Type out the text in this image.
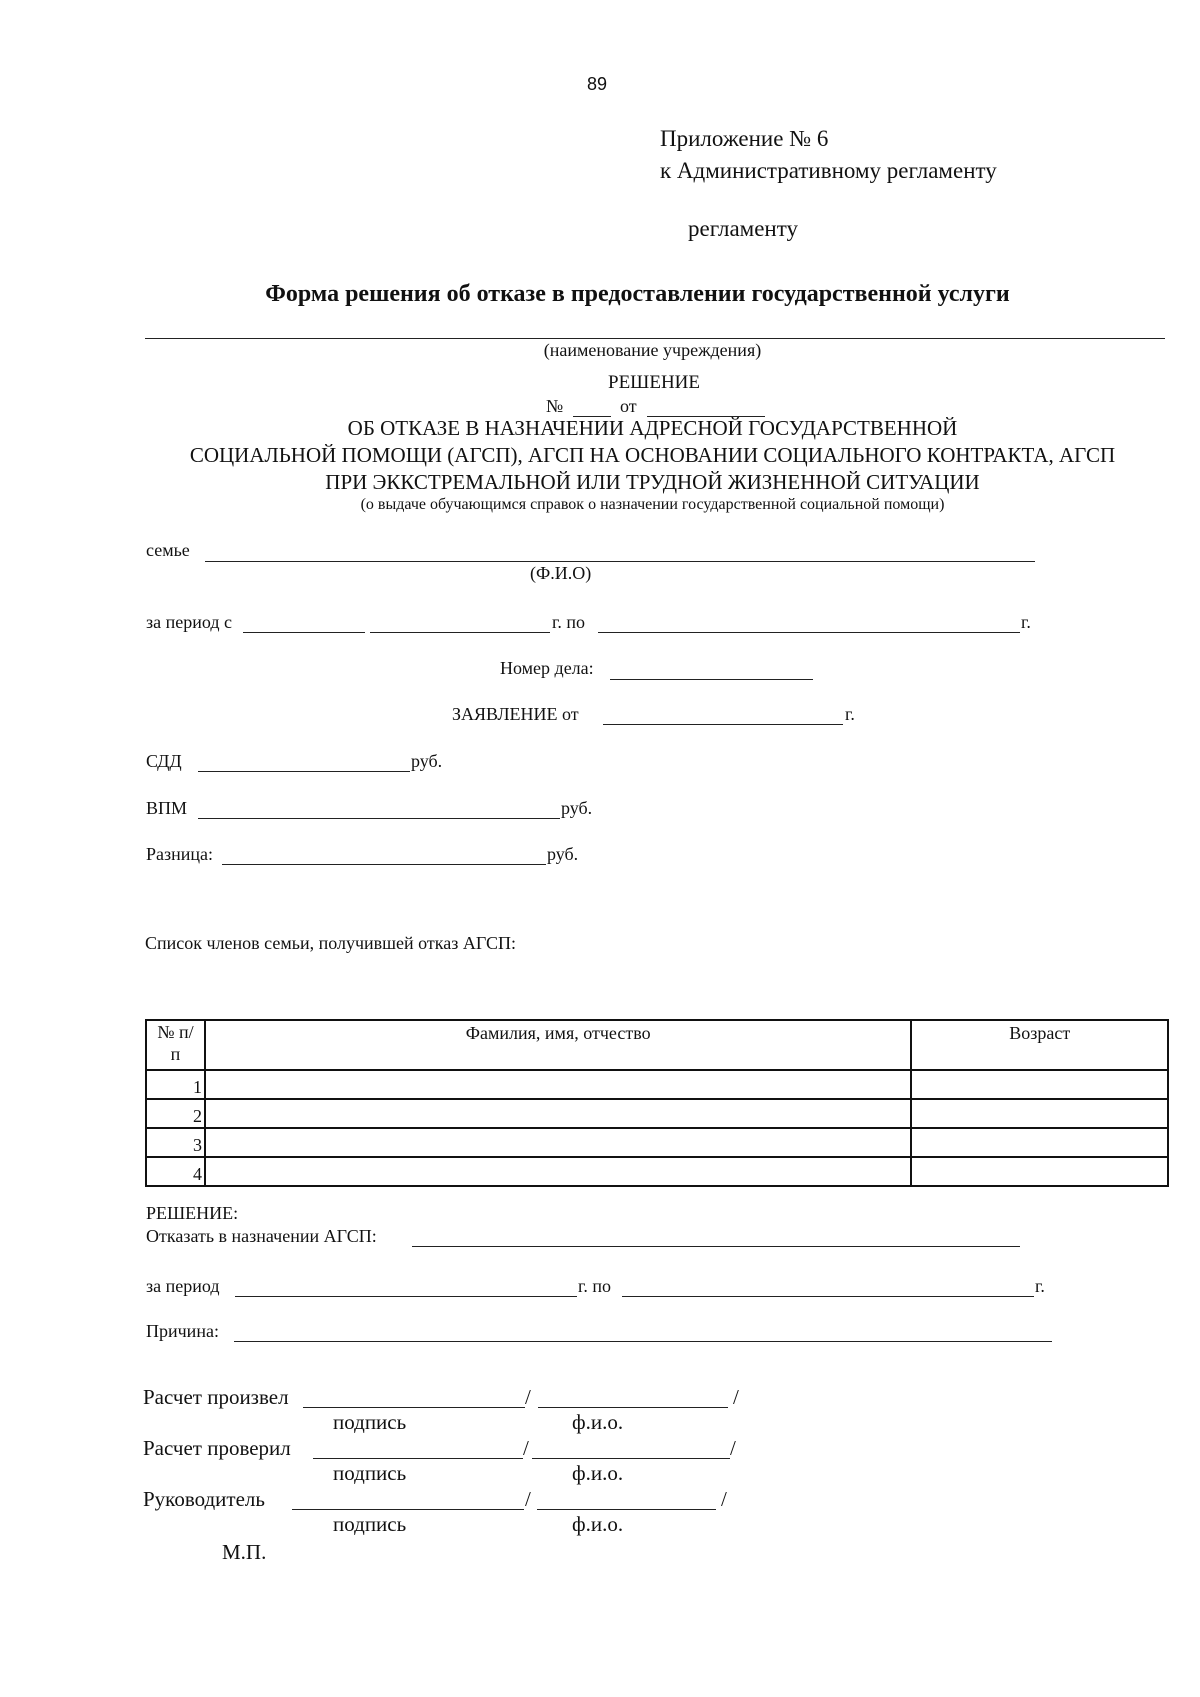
89
Приложение № 6
к Административному регламенту
регламенту
Форма решения об отказе в предоставлении государственной услуги
(наименование учреждения)
РЕШЕНИЕ
№	от
ОБ ОТКАЗЕ В НАЗНАЧЕНИИ АДРЕСНОЙ ГОСУДАРСТВЕННОЙ
СОЦИАЛЬНОЙ ПОМОЩИ (АГСП), АГСП НА ОСНОВАНИИ СОЦИАЛЬНОГО КОНТРАКТА, АГСП
ПРИ ЭККСТРЕМАЛЬНОЙ ИЛИ ТРУДНОЙ ЖИЗНЕННОЙ СИТУАЦИИ
(о выдаче обучающимся справок о назначении государственной социальной помощи)
семье
(Ф.И.О)
за период с	г. по	г.
Номер дела:
ЗАЯВЛЕНИЕ от	г.
СДД	руб.
ВПМ	руб.
Разница:	руб.
Список членов семьи, получившей отказ АГСП:
№ п/п	Фамилия, имя, отчество	Возраст
1		
2		
3		
4		
РЕШЕНИЕ:
Отказать в назначении АГСП:
за период	г. по	г.
Причина:
Расчет произвел	/	/
подпись	ф.и.о.
Расчет проверил	/	/
подпись	ф.и.о.
Руководитель	/	/
подпись	ф.и.о.
М.П.
